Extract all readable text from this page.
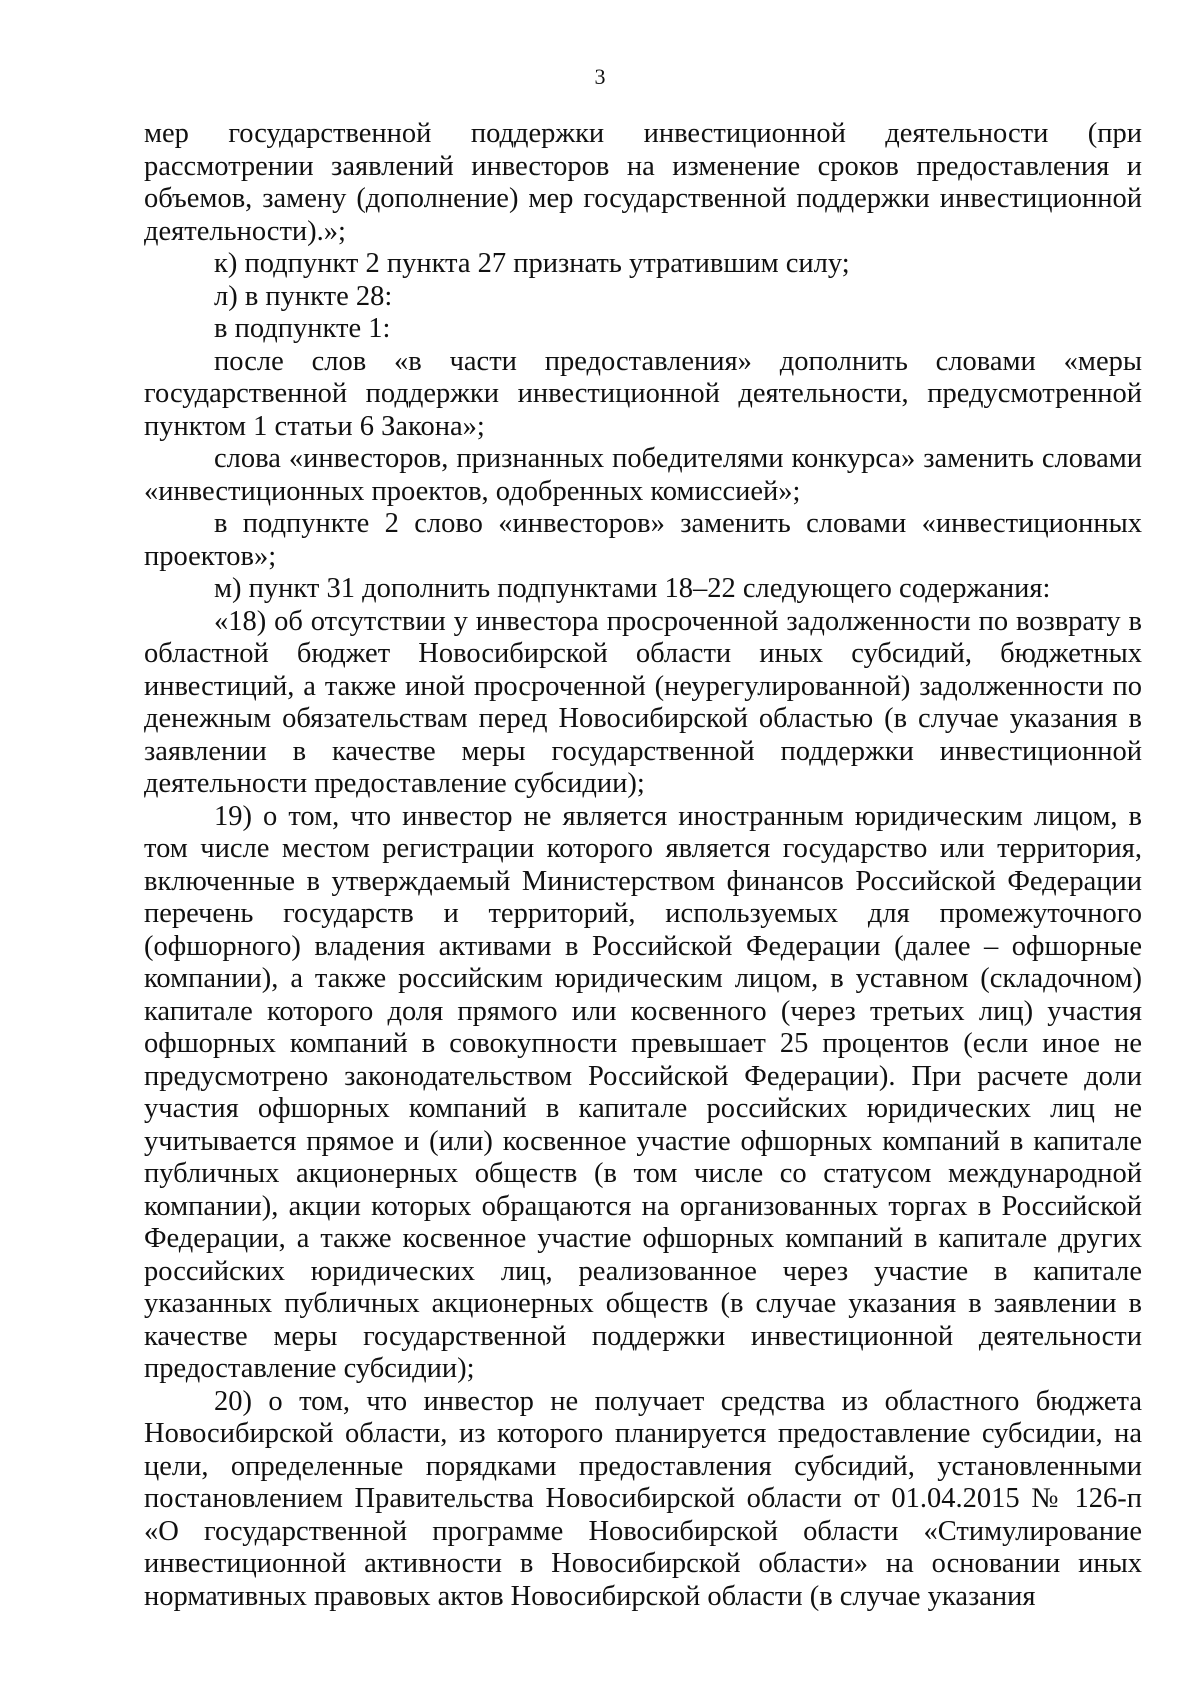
3

мер государственной поддержки инвестиционной деятельности (при рассмотрении заявлений инвесторов на изменение сроков предоставления и объемов, замену (дополнение) мер государственной поддержки инвестиционной деятельности).»;

к) подпункт 2 пункта 27 признать утратившим силу;

л) в пункте 28:

в подпункте 1:

после слов «в части предоставления» дополнить словами «меры государственной поддержки инвестиционной деятельности, предусмотренной пунктом 1 статьи 6 Закона»;

слова «инвесторов, признанных победителями конкурса» заменить словами «инвестиционных проектов, одобренных комиссией»;

в подпункте 2 слово «инвесторов» заменить словами «инвестиционных проектов»;

м) пункт 31 дополнить подпунктами 18–22 следующего содержания:

«18) об отсутствии у инвестора просроченной задолженности по возврату в областной бюджет Новосибирской области иных субсидий, бюджетных инвестиций, а также иной просроченной (неурегулированной) задолженности по денежным обязательствам перед Новосибирской областью (в случае указания в заявлении в качестве меры государственной поддержки инвестиционной деятельности предоставление субсидии);

19) о том, что инвестор не является иностранным юридическим лицом, в том числе местом регистрации которого является государство или территория, включенные в утверждаемый Министерством финансов Российской Федерации перечень государств и территорий, используемых для промежуточного (офшорного) владения активами в Российской Федерации (далее – офшорные компании), а также российским юридическим лицом, в уставном (складочном) капитале которого доля прямого или косвенного (через третьих лиц) участия офшорных компаний в совокупности превышает 25 процентов (если иное не предусмотрено законодательством Российской Федерации). При расчете доли участия офшорных компаний в капитале российских юридических лиц не учитывается прямое и (или) косвенное участие офшорных компаний в капитале публичных акционерных обществ (в том числе со статусом международной компании), акции которых обращаются на организованных торгах в Российской Федерации, а также косвенное участие офшорных компаний в капитале других российских юридических лиц, реализованное через участие в капитале указанных публичных акционерных обществ (в случае указания в заявлении в качестве меры государственной поддержки инвестиционной деятельности предоставление субсидии);

20) о том, что инвестор не получает средства из областного бюджета Новосибирской области, из которого планируется предоставление субсидии, на цели, определенные порядками предоставления субсидий, установленными постановлением Правительства Новосибирской области от 01.04.2015 № 126-п «О государственной программе Новосибирской области «Стимулирование инвестиционной активности в Новосибирской области» на основании иных нормативных правовых актов Новосибирской области (в случае указания
